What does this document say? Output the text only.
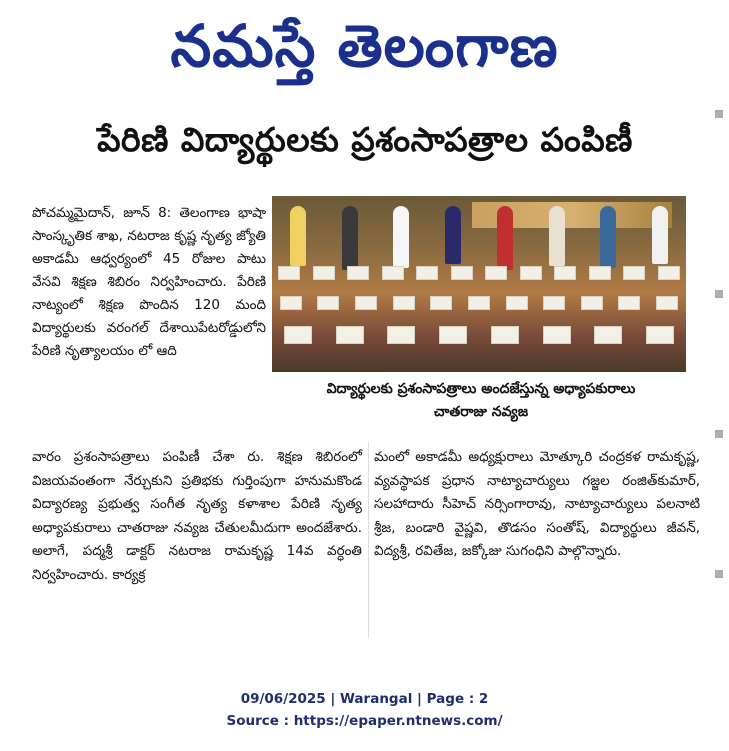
నమస్తే తెలంగాణ
పేరిణి విద్యార్థులకు ప్రశంసాపత్రాల పంపిణీ

పోచమ్మమైదాన్, జూన్ 8: తెలంగాణ భాషా సాంస్కృతిక శాఖ, నటరాజ కృష్ణ నృత్య జ్యోతి అకాడమీ ఆధ్వర్యంలో 45 రోజుల పాటు వేసవి శిక్షణ శిబిరం నిర్వహించారు. పేరిణి నాట్యంలో శిక్షణ పొందిన 120 మంది విద్యార్థులకు వరంగల్ దేశాయిపేటరోడ్డులోని పేరిణి నృత్యాలయం లో ఆది

విద్యార్థులకు ప్రశంసాపత్రాలు అందజేస్తున్న అధ్యాపకురాలు చాతరాజు నవ్యజ

వారం ప్రశంసాపత్రాలు పంపిణీ చేశా రు. శిక్షణ శిబిరంలో విజయవంతంగా నేర్చుకుని ప్రతిభకు గుర్తింపుగా హనుమకొండ విద్యారణ్య ప్రభుత్వ సంగీత నృత్య కళాశాల పేరిణి నృత్య అధ్యాపకురాలు చాతరాజు నవ్యజ చేతులమీదుగా అందజేశారు. అలాగే, పద్మశ్రీ డాక్టర్ నటరాజ రామకృష్ణ 14వ వర్ధంతి నిర్వహించారు. కార్యక్ర

మంలో అకాడమీ అధ్యక్షురాలు మోత్కూరి చంద్రకళ రామకృష్ణ, వ్యవస్థాపక ప్రధాన నాట్యాచార్యులు గజ్జల రంజిత్‌కుమార్, సలహాదారు సీహెచ్ నర్సింగారావు, నాట్యాచార్యులు పలనాటి శ్రీజ, బండారి వైష్ణవి, తొడసం సంతోష్, విద్యార్థులు జీవన్, విద్యశ్రీ, రవితేజ, జక్కోజు సుగంధిని పాల్గొన్నారు.

09/06/2025 | Warangal | Page : 2
Source : https://epaper.ntnews.com/
